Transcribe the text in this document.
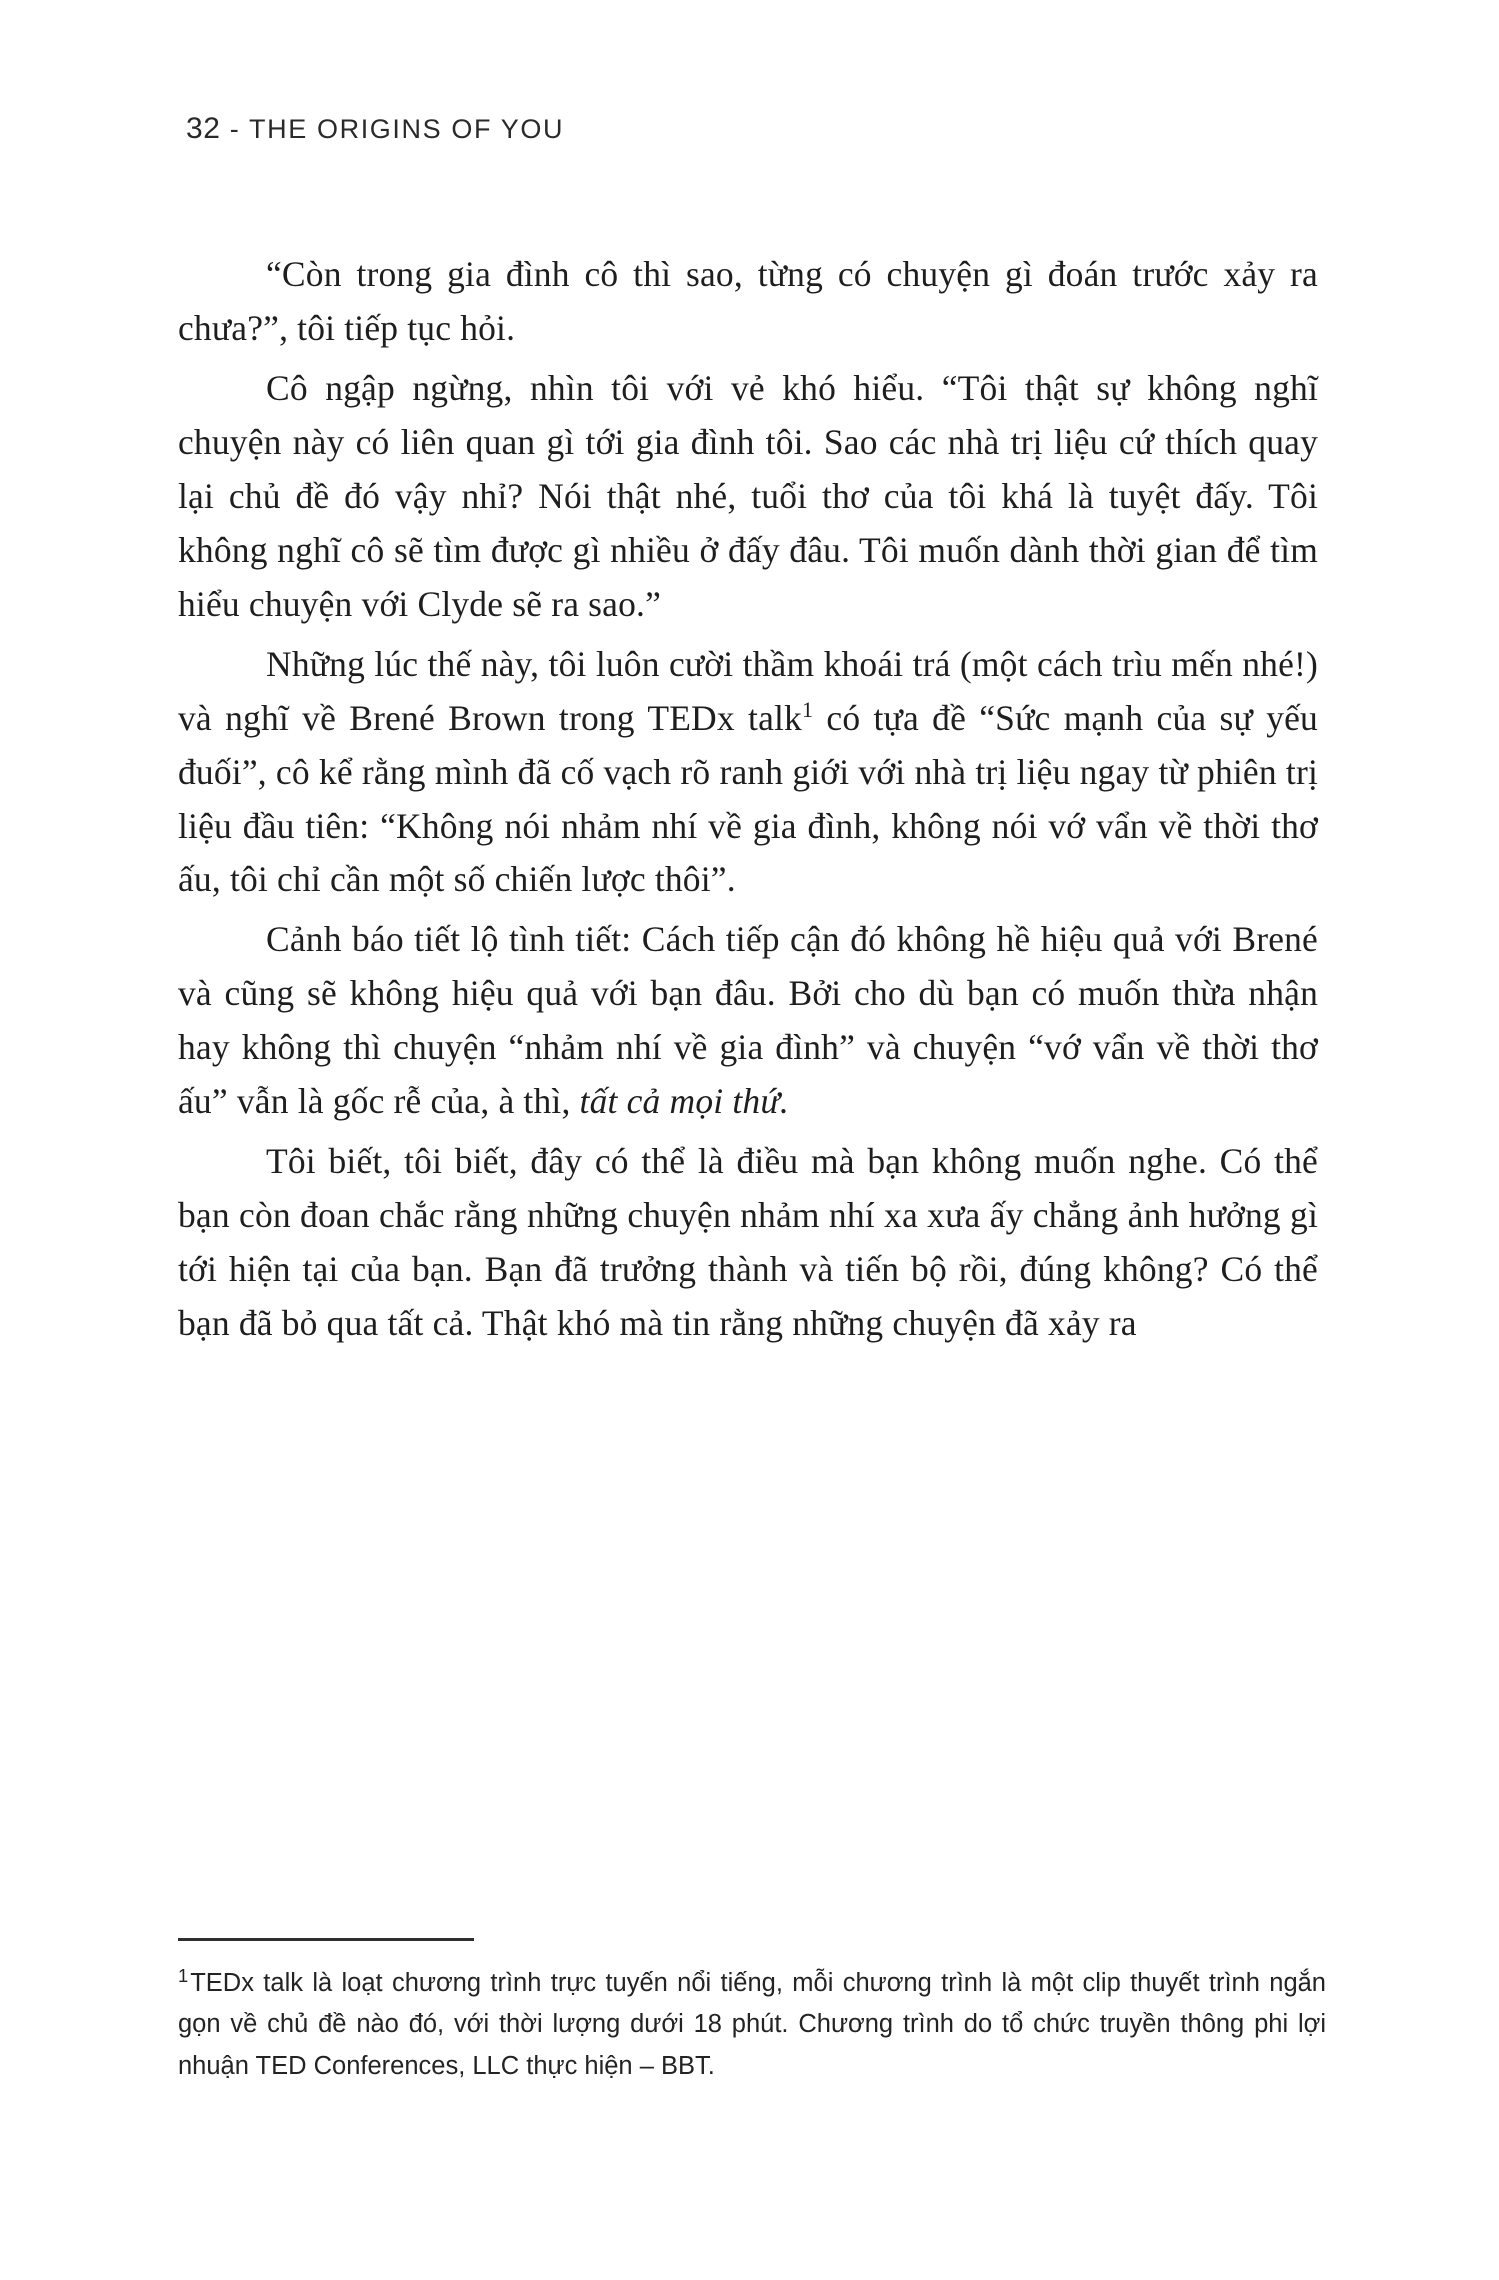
32 - THE ORIGINS OF YOU

“Còn trong gia đình cô thì sao, từng có chuyện gì đoán trước xảy ra chưa?”, tôi tiếp tục hỏi.

Cô ngập ngừng, nhìn tôi với vẻ khó hiểu. “Tôi thật sự không nghĩ chuyện này có liên quan gì tới gia đình tôi. Sao các nhà trị liệu cứ thích quay lại chủ đề đó vậy nhỉ? Nói thật nhé, tuổi thơ của tôi khá là tuyệt đấy. Tôi không nghĩ cô sẽ tìm được gì nhiều ở đấy đâu. Tôi muốn dành thời gian để tìm hiểu chuyện với Clyde sẽ ra sao.”

Những lúc thế này, tôi luôn cười thầm khoái trá (một cách trìu mến nhé!) và nghĩ về Brené Brown trong TEDx talk$^1$ có tựa đề “Sức mạnh của sự yếu đuối”, cô kể rằng mình đã cố vạch rõ ranh giới với nhà trị liệu ngay từ phiên trị liệu đầu tiên: “Không nói nhảm nhí về gia đình, không nói vớ vẩn về thời thơ ấu, tôi chỉ cần một số chiến lược thôi”.

Cảnh báo tiết lộ tình tiết: Cách tiếp cận đó không hề hiệu quả với Brené và cũng sẽ không hiệu quả với bạn đâu. Bởi cho dù bạn có muốn thừa nhận hay không thì chuyện “nhảm nhí về gia đình” và chuyện “vớ vẩn về thời thơ ấu” vẫn là gốc rễ của, à thì, tất cả mọi thứ.

Tôi biết, tôi biết, đây có thể là điều mà bạn không muốn nghe. Có thể bạn còn đoan chắc rằng những chuyện nhảm nhí xa xưa ấy chẳng ảnh hưởng gì tới hiện tại của bạn. Bạn đã trưởng thành và tiến bộ rồi, đúng không? Có thể bạn đã bỏ qua tất cả. Thật khó mà tin rằng những chuyện đã xảy ra

$^1$TEDx talk là loạt chương trình trực tuyến nổi tiếng, mỗi chương trình là một clip thuyết trình ngắn gọn về chủ đề nào đó, với thời lượng dưới 18 phút. Chương trình do tổ chức truyền thông phi lợi nhuận TED Conferences, LLC thực hiện – BBT.
